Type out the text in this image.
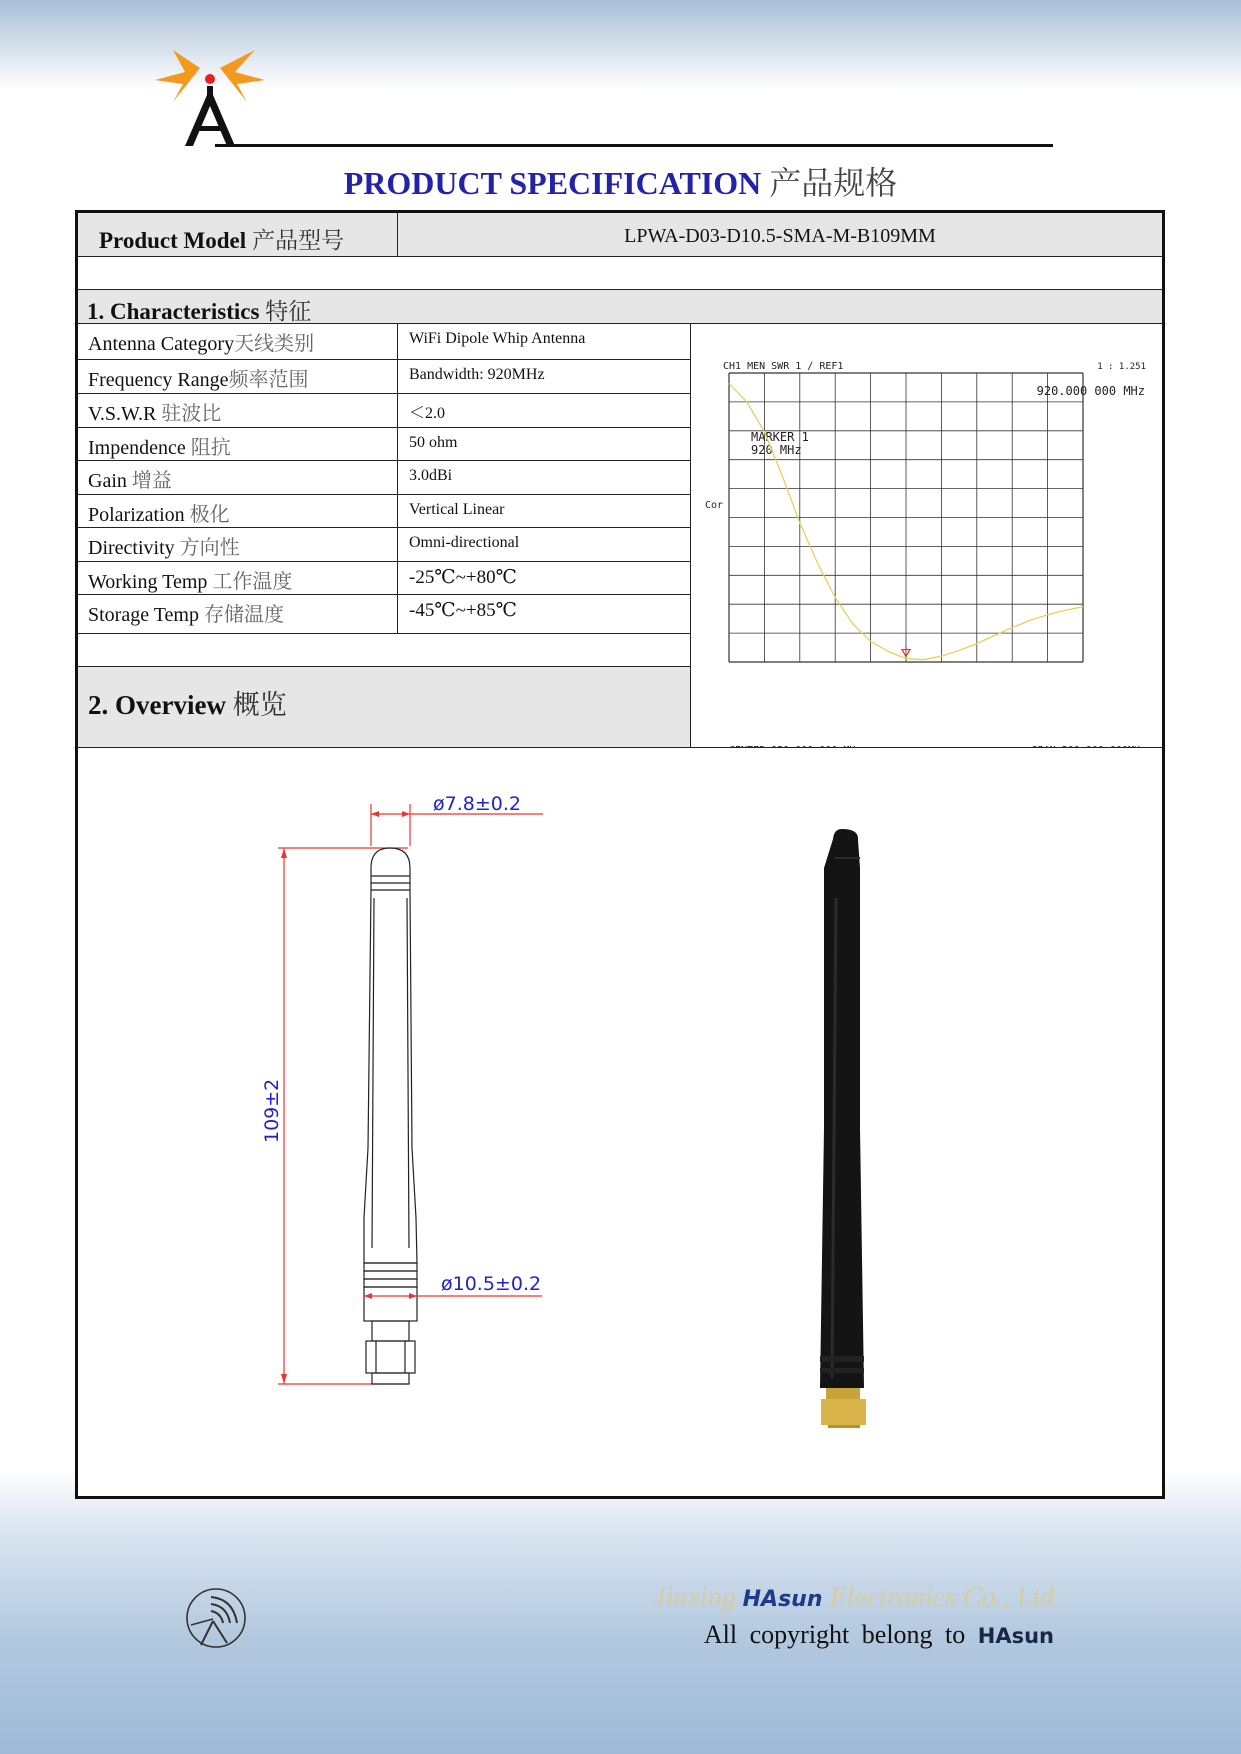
PRODUCT SPECIFICATION 产品规格
Product Model 产品型号	LPWA-D03-D10.5-SMA-M-B109MM
1. Characteristics 特征
Antenna Category天线类别	WiFi Dipole Whip Antenna
Frequency Range频率范围	Bandwidth: 920MHz
V.S.W.R 驻波比	＜2.0
Impendence 阻抗	50 ohm
Gain 增益	3.0dBi
Polarization 极化	Vertical Linear
Directivity 方向性	Omni-directional
Working Temp 工作温度	-25℃~+80℃
Storage Temp 存储温度	-45℃~+85℃
2. Overview 概览
CH1 MEN SWR 1 / REF1	1 : 1.251
920.000 000 MHz
MARKER 1
920 MHz
Cor
ø7.8±0.2
109±2
ø10.5±0.2
Jiaxing HAsun Electronics Co., Ltd
All copyright belong to HAsun
